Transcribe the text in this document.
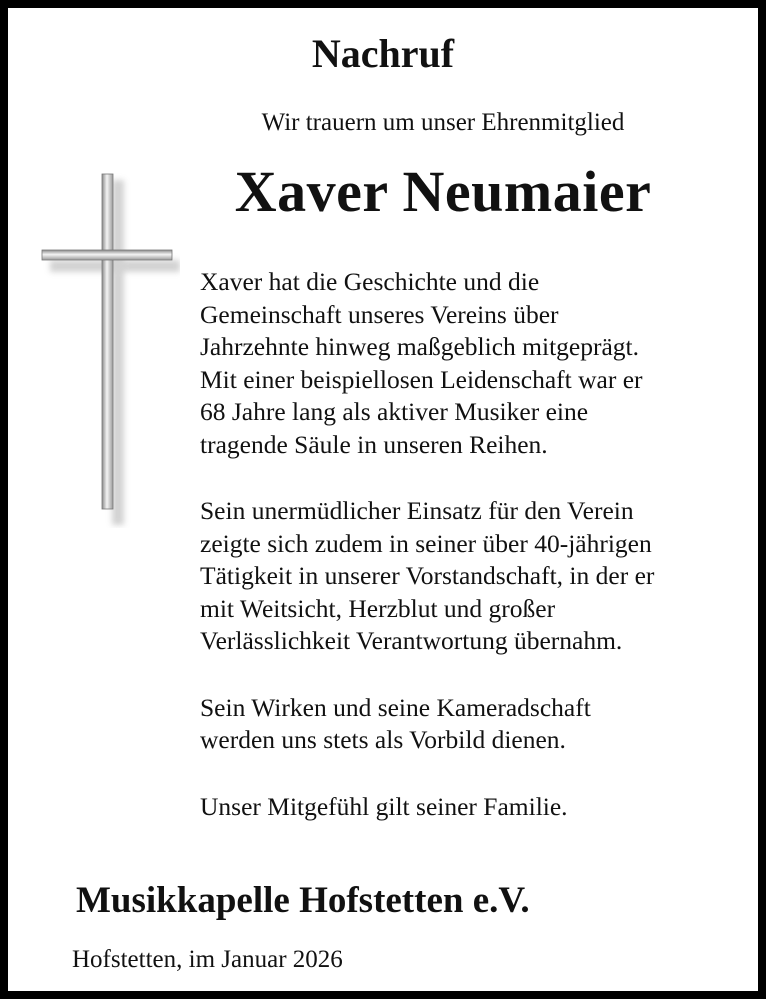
Nachruf
Wir trauern um unser Ehrenmitglied
Xaver Neumaier

Xaver hat die Geschichte und die
Gemeinschaft unseres Vereins über
Jahrzehnte hinweg maßgeblich mitgeprägt.
Mit einer beispiellosen Leidenschaft war er
68 Jahre lang als aktiver Musiker eine
tragende Säule in unseren Reihen.

Sein unermüdlicher Einsatz für den Verein
zeigte sich zudem in seiner über 40-jährigen
Tätigkeit in unserer Vorstandschaft, in der er
mit Weitsicht, Herzblut und großer
Verlässlichkeit Verantwortung übernahm.

Sein Wirken und seine Kameradschaft
werden uns stets als Vorbild dienen.

Unser Mitgefühl gilt seiner Familie.

Musikkapelle Hofstetten e.V.
Hofstetten, im Januar 2026
